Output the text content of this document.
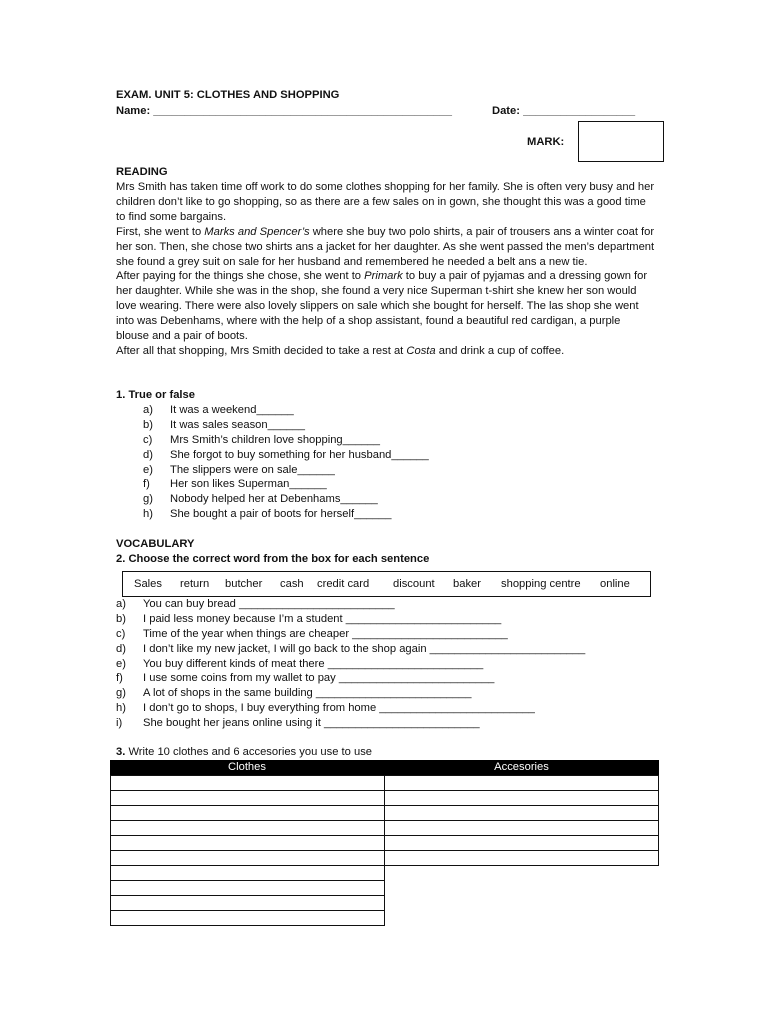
EXAM. UNIT 5: CLOTHES AND SHOPPING
Name: ________________________________________________	Date: __________________
MARK:
READING

Mrs Smith has taken time off work to do some clothes shopping for her family. She is often very busy and her children don’t like to go shopping, so as there are a few sales on in gown, she thought this was a good time to find some bargains.

First, she went to Marks and Spencer’s where she buy two polo shirts, a pair of trousers ans a winter coat for her son. Then, she chose two shirts ans a jacket for her daughter. As she went passed the men’s department she found a grey suit on sale for her husband and remembered he needed a belt ans a new tie.

After paying for the things she chose, she went to Primark to buy a pair of pyjamas and a dressing gown for her daughter. While she was in the shop, she found a very nice Superman t-shirt she knew her son would love wearing. There were also lovely slippers on sale which she bought for herself. The las shop she went into was Debenhams, where with the help of a shop assistant, found a beautiful red cardigan, a purple blouse and a pair of boots.

After all that shopping, Mrs Smith decided to take a rest at Costa and drink a cup of coffee.

1. True or false
a) It was a weekend______
b) It was sales season______
c) Mrs Smith’s children love shopping______
d) She forgot to buy something for her husband______
e) The slippers were on sale______
f) Her son likes Superman______
g) Nobody helped her at Debenhams______
h) She bought a pair of boots for herself______
VOCABULARY
2. Choose the correct word from the box for each sentence
Sales return butcher cash credit card discount baker shopping centre online
a) You can buy bread _________________________
b) I paid less money because I’m a student _________________________
c) Time of the year when things are cheaper _________________________
d) I don’t like my new jacket, I will go back to the shop again _________________________
e) You buy different kinds of meat there _________________________
f) I use some coins from my wallet to pay _________________________
g) A lot of shops in the same building _________________________
h) I don’t go to shops, I buy everything from home _________________________
i) She bought her jeans online using it _________________________
3. Write 10 clothes and 6 accesories you use to use
Clothes	Accesories
